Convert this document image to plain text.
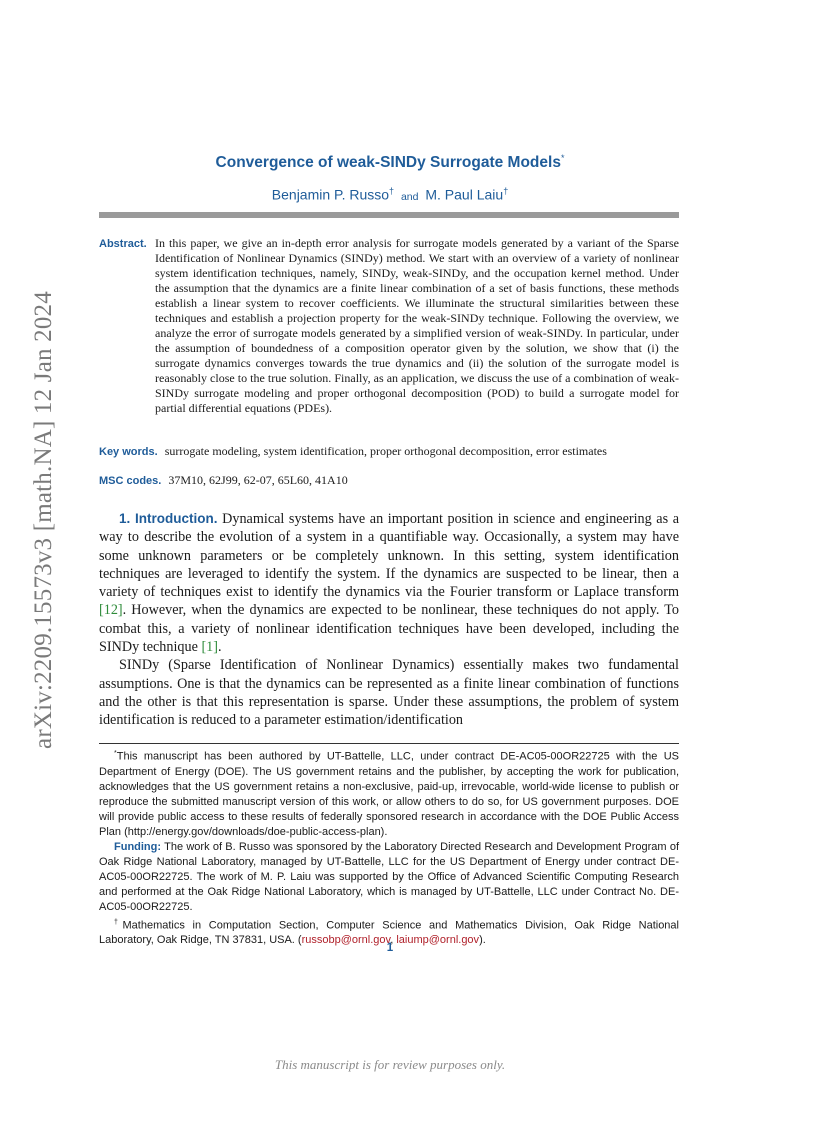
arXiv:2209.15573v3 [math.NA] 12 Jan 2024
Convergence of weak-SINDy Surrogate Models*
Benjamin P. Russo† and M. Paul Laiu†
Abstract. In this paper, we give an in-depth error analysis for surrogate models generated by a variant of the Sparse Identification of Nonlinear Dynamics (SINDy) method. We start with an overview of a variety of nonlinear system identification techniques, namely, SINDy, weak-SINDy, and the occupation kernel method. Under the assumption that the dynamics are a finite linear combination of a set of basis functions, these methods establish a linear system to recover coefficients. We illuminate the structural similarities between these techniques and establish a projection property for the weak-SINDy technique. Following the overview, we analyze the error of surrogate models generated by a simplified version of weak-SINDy. In particular, under the assumption of boundedness of a composition operator given by the solution, we show that (i) the surrogate dynamics converges towards the true dynamics and (ii) the solution of the surrogate model is reasonably close to the true solution. Finally, as an application, we discuss the use of a combination of weak-SINDy surrogate modeling and proper orthogonal decomposition (POD) to build a surrogate model for partial differential equations (PDEs).
Key words. surrogate modeling, system identification, proper orthogonal decomposition, error estimates
MSC codes. 37M10, 62J99, 62-07, 65L60, 41A10

1. Introduction. Dynamical systems have an important position in science and engineering as a way to describe the evolution of a system in a quantifiable way. Occasionally, a system may have some unknown parameters or be completely unknown. In this setting, system identification techniques are leveraged to identify the system. If the dynamics are suspected to be linear, then a variety of techniques exist to identify the dynamics via the Fourier transform or Laplace transform [12]. However, when the dynamics are expected to be nonlinear, these techniques do not apply. To combat this, a variety of nonlinear identification techniques have been developed, including the SINDy technique [1].

SINDy (Sparse Identification of Nonlinear Dynamics) essentially makes two fundamental assumptions. One is that the dynamics can be represented as a finite linear combination of functions and the other is that this representation is sparse. Under these assumptions, the problem of system identification is reduced to a parameter estimation/identification

*This manuscript has been authored by UT-Battelle, LLC, under contract DE-AC05-00OR22725 with the US Department of Energy (DOE). The US government retains and the publisher, by accepting the work for publication, acknowledges that the US government retains a non-exclusive, paid-up, irrevocable, world-wide license to publish or reproduce the submitted manuscript version of this work, or allow others to do so, for US government purposes. DOE will provide public access to these results of federally sponsored research in accordance with the DOE Public Access Plan (http://energy.gov/downloads/doe-public-access-plan).

Funding: The work of B. Russo was sponsored by the Laboratory Directed Research and Development Program of Oak Ridge National Laboratory, managed by UT-Battelle, LLC for the US Department of Energy under contract DE-AC05-00OR22725. The work of M. P. Laiu was supported by the Office of Advanced Scientific Computing Research and performed at the Oak Ridge National Laboratory, which is managed by UT-Battelle, LLC under Contract No. DE-AC05-00OR22725.

†Mathematics in Computation Section, Computer Science and Mathematics Division, Oak Ridge National Laboratory, Oak Ridge, TN 37831, USA. (russobp@ornl.gov, laiump@ornl.gov).

1
This manuscript is for review purposes only.
